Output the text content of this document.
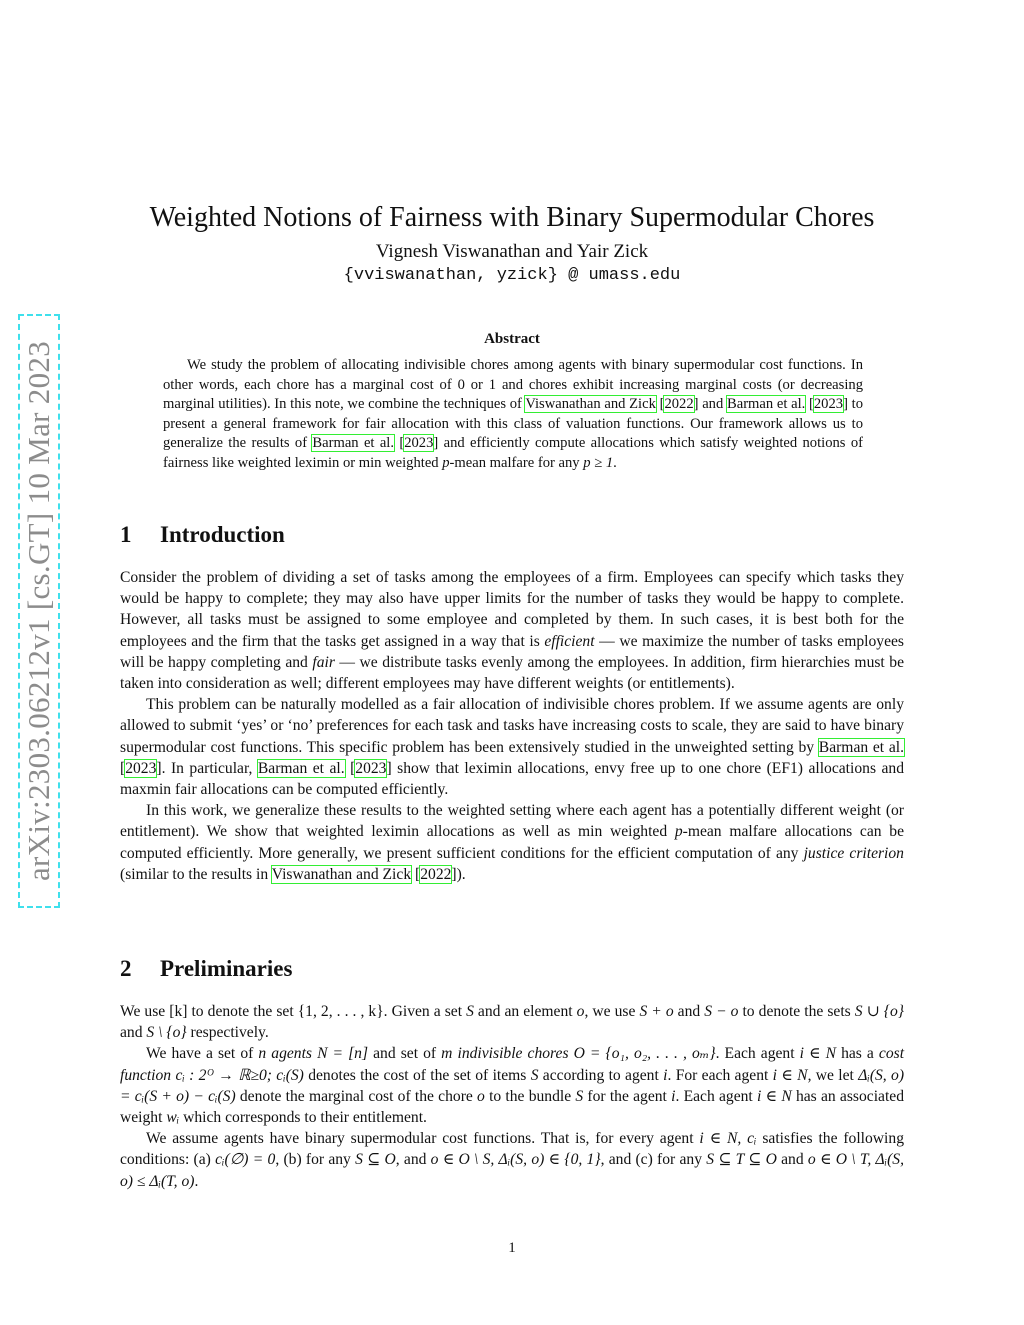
arXiv:2303.06212v1 [cs.GT] 10 Mar 2023
Weighted Notions of Fairness with Binary Supermodular Chores
Vignesh Viswanathan and Yair Zick
{vviswanathan, yzick} @ umass.edu
Abstract

We study the problem of allocating indivisible chores among agents with binary supermodular cost functions. In other words, each chore has a marginal cost of 0 or 1 and chores exhibit increasing marginal costs (or decreasing marginal utilities). In this note, we combine the techniques of Viswanathan and Zick [2022] and Barman et al. [2023] to present a general framework for fair allocation with this class of valuation functions. Our framework allows us to generalize the results of Barman et al. [2023] and efficiently compute allocations which satisfy weighted notions of fairness like weighted leximin or min weighted p-mean malfare for any p ≥ 1.

1 Introduction

Consider the problem of dividing a set of tasks among the employees of a firm. Employees can specify which tasks they would be happy to complete; they may also have upper limits for the number of tasks they would be happy to complete. However, all tasks must be assigned to some employee and completed by them. In such cases, it is best both for the employees and the firm that the tasks get assigned in a way that is efficient — we maximize the number of tasks employees will be happy completing and fair — we distribute tasks evenly among the employees. In addition, firm hierarchies must be taken into consideration as well; different employees may have different weights (or entitlements).

This problem can be naturally modelled as a fair allocation of indivisible chores problem. If we assume agents are only allowed to submit ‘yes’ or ‘no’ preferences for each task and tasks have increasing costs to scale, they are said to have binary supermodular cost functions. This specific problem has been extensively studied in the unweighted setting by Barman et al. [2023]. In particular, Barman et al. [2023] show that leximin allocations, envy free up to one chore (EF1) allocations and maxmin fair allocations can be computed efficiently.

In this work, we generalize these results to the weighted setting where each agent has a potentially different weight (or entitlement). We show that weighted leximin allocations as well as min weighted p-mean malfare allocations can be computed efficiently. More generally, we present sufficient conditions for the efficient computation of any justice criterion (similar to the results in Viswanathan and Zick [2022]).

2 Preliminaries

We use [k] to denote the set {1, 2, . . . , k}. Given a set S and an element o, we use S + o and S − o to denote the sets S ∪ {o} and S \ {o} respectively.

We have a set of n agents N = [n] and set of m indivisible chores O = {o₁, o₂, . . . , oₘ}. Each agent i ∈ N has a cost function cᵢ : 2ᴼ → ℝ≥0; cᵢ(S) denotes the cost of the set of items S according to agent i. For each agent i ∈ N, we let Δᵢ(S, o) = cᵢ(S + o) − cᵢ(S) denote the marginal cost of the chore o to the bundle S for the agent i. Each agent i ∈ N has an associated weight wᵢ which corresponds to their entitlement.

We assume agents have binary supermodular cost functions. That is, for every agent i ∈ N, cᵢ satisfies the following conditions: (a) cᵢ(∅) = 0, (b) for any S ⊆ O, and o ∈ O \ S, Δᵢ(S, o) ∈ {0, 1}, and (c) for any S ⊆ T ⊆ O and o ∈ O \ T, Δᵢ(S, o) ≤ Δᵢ(T, o).

1
